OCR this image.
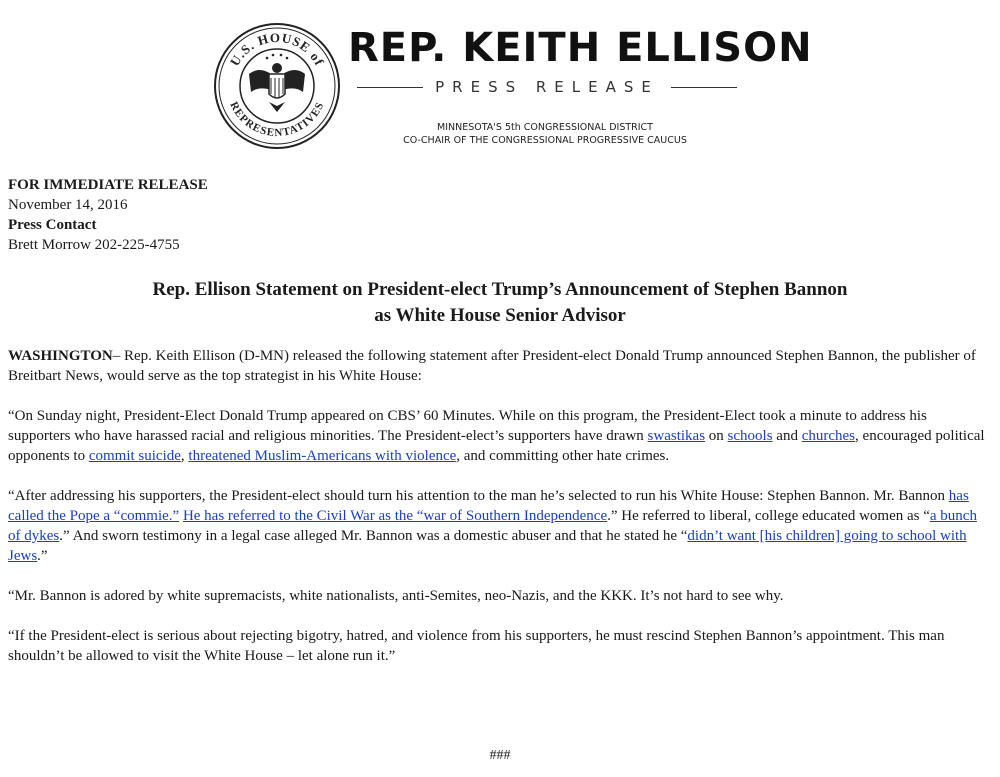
U.S. HOUSE of
REPRESENTATIVES
REP. KEITH ELLISON
PRESS RELEASE
MINNESOTA'S 5th CONGRESSIONAL DISTRICT
CO-CHAIR OF THE CONGRESSIONAL PROGRESSIVE CAUCUS
FOR IMMEDIATE RELEASE
November 14, 2016
Press Contact
Brett Morrow 202-225-4755
Rep. Ellison Statement on President-elect Trump’s Announcement of Stephen Bannon
as White House Senior Advisor

WASHINGTON– Rep. Keith Ellison (D-MN) released the following statement after President-elect Donald Trump announced Stephen Bannon, the publisher of Breitbart News, would serve as the top strategist in his White House:

“On Sunday night, President-Elect Donald Trump appeared on CBS’ 60 Minutes. While on this program, the President-Elect took a minute to address his supporters who have harassed racial and religious minorities. The President-elect’s supporters have drawn swastikas on schools and churches, encouraged political opponents to commit suicide, threatened Muslim-Americans with violence, and committing other hate crimes.

“After addressing his supporters, the President-elect should turn his attention to the man he’s selected to run his White House: Stephen Bannon. Mr. Bannon has called the Pope a “commie.” He has referred to the Civil War as the “war of Southern Independence.” He referred to liberal, college educated women as “a bunch of dykes.” And sworn testimony in a legal case alleged Mr. Bannon was a domestic abuser and that he stated he “didn’t want [his children] going to school with Jews.”

“Mr. Bannon is adored by white supremacists, white nationalists, anti-Semites, neo-Nazis, and the KKK. It’s not hard to see why.

“If the President-elect is serious about rejecting bigotry, hatred, and violence from his supporters, he must rescind Stephen Bannon’s appointment. This man shouldn’t be allowed to visit the White House – let alone run it.”

###
